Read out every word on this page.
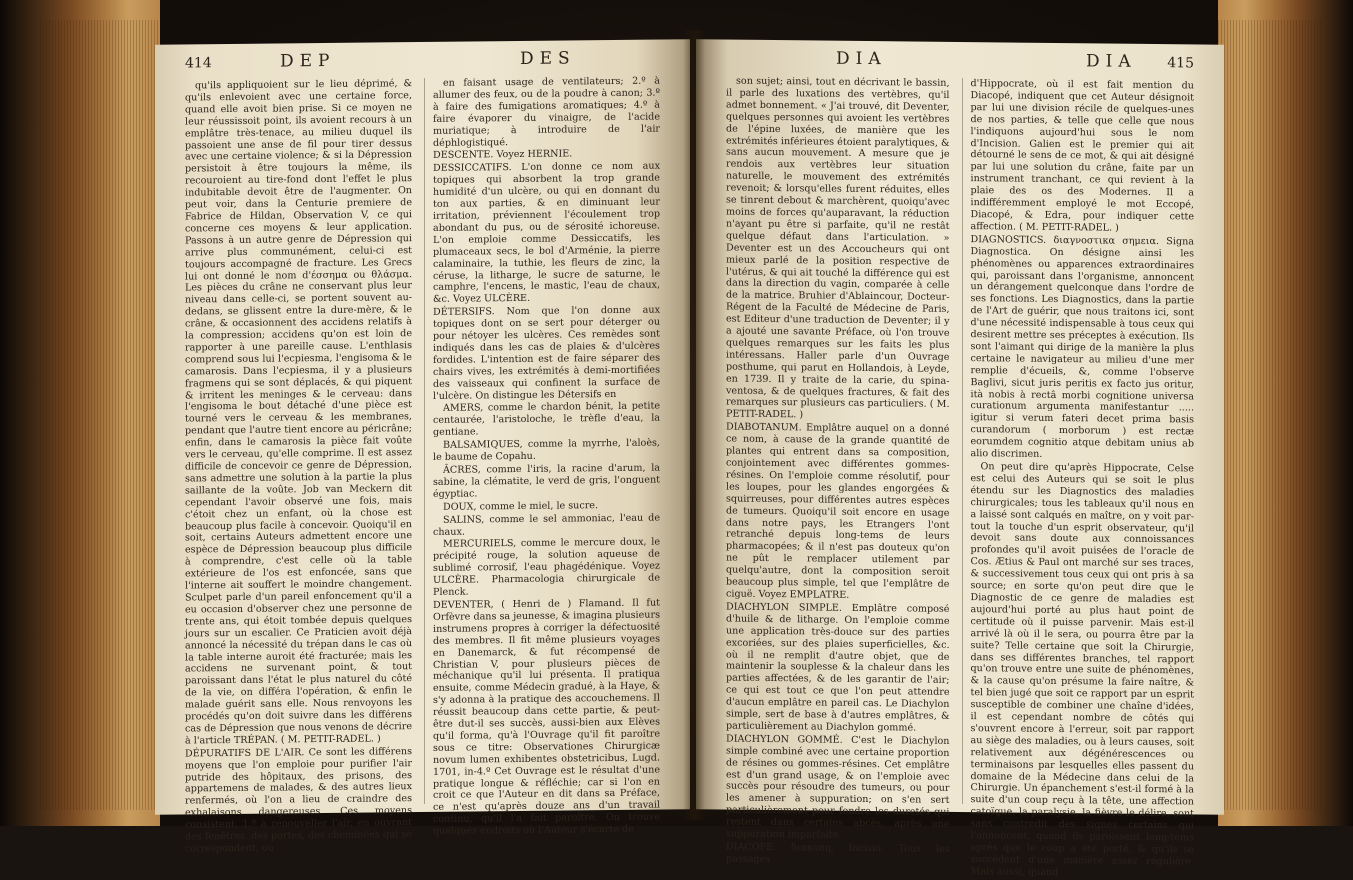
414	DEP	DES

qu'ils appliquoient sur le lieu déprimé, & qu'ils enlevoient avec une certaine force, quand elle avoit bien prise. Si ce moyen ne leur réussissoit point, ils avoient recours à un emplâtre très-tenace, au milieu duquel ils passoient une anse de fil pour tirer dessus avec une certaine violence; & si la Dépression persistoit à être toujours la même, ils recouroient au tire-fond dont l'effet le plus indubitable devoit être de l'augmenter. On peut voir, dans la Centurie premiere de Fabrice de Hildan, Observation V, ce qui concerne ces moyens & leur application. Passons à un autre genre de Dépression qui arrive plus communément, celui-ci est toujours accompagné de fracture. Les Grecs lui ont donné le nom d'έσσημα ou θλάσμα. Les pièces du crâne ne conservant plus leur niveau dans celle-ci, se portent souvent au-dedans, se glissent entre la dure-mère, & le crâne, & occasionnent des accidens relatifs à la compression; accidens qu'on est loin de rapporter à une pareille cause. L'enthlasis comprend sous lui l'ecpiesma, l'engisoma & le camarosis. Dans l'ecpiesma, il y a plusieurs fragmens qui se sont déplacés, & qui piquent & irritent les meninges & le cerveau: dans l'engisoma le bout détaché d'une pièce est tourné vers le cerveau & les membranes, pendant que l'autre tient encore au péricrâne; enfin, dans le camarosis la pièce fait voûte vers le cerveau, qu'elle comprime. Il est assez difficile de concevoir ce genre de Dépression, sans admettre une solution à la partie la plus saillante de la voûte. Job van Meckern dit cependant l'avoir observé une fois, mais c'étoit chez un enfant, où la chose est beaucoup plus facile à concevoir. Quoiqu'il en soit, certains Auteurs admettent encore une espèce de Dépression beaucoup plus difficile à comprendre, c'est celle où la table extérieure de l'os est enfoncée, sans que l'interne ait souffert le moindre changement. Sculpet parle d'un pareil enfoncement qu'il a eu occasion d'observer chez une personne de trente ans, qui étoit tombée depuis quelques jours sur un escalier. Ce Praticien avoit déjà annoncé la nécessité du trépan dans le cas où la table interne auroit été fracturée; mais les accidens ne survenant point, & tout paroissant dans l'état le plus naturel du côté de la vie, on différa l'opération, & enfin le malade guérit sans elle. Nous renvoyons les procédés qu'on doit suivre dans les différens cas de Dépression que nous venons de décrire à l'article TRÉPAN. ( M. PETIT-RADEL. )

DÉPURATIFS DE L'AIR. Ce sont les différens moyens que l'on emploie pour purifier l'air putride des hôpitaux, des prisons, des appartemens de malades, & des autres lieux renfermés, où l'on a lieu de craindre des exhalaisons dangereuses. Ces moyens consistent, 1.º à renouveller l'air, en ouvrant des fenêtres, des portes, des cheminées qui se correspondent, ou

en faisant usage de ventilateurs; 2.º à allumer des feux, ou de la poudre à canon; 3.º à faire des fumigations aromatiques; 4.º à faire évaporer du vinaigre, de l'acide muriatique; à introduire de l'air déphlogistiqué.

DESCENTE. Voyez HERNIE.

DESSICCATIFS. L'on donne ce nom aux topiques qui absorbent la trop grande humidité d'un ulcère, ou qui en donnant du ton aux parties, & en diminuant leur irritation, préviennent l'écoulement trop abondant du pus, ou de sérosité ichoreuse. L'on emploie comme Dessiccatifs, les plumaceaux secs, le bol d'Arménie, la pierre calaminaire, la tuthie, les fleurs de zinc, la céruse, la litharge, le sucre de saturne, le camphre, l'encens, le mastic, l'eau de chaux, &c. Voyez ULCÈRE.

DÉTERSIFS. Nom que l'on donne aux topiques dont on se sert pour déterger ou pour nétoyer les ulcères. Ces remèdes sont indiqués dans les cas de plaies & d'ulcères fordides. L'intention est de faire séparer des chairs vives, les extrémités à demi-mortifiées des vaisseaux qui confinent la surface de l'ulcère. On distingue les Détersifs en

AMERS, comme le chardon bénit, la petite centaurée, l'aristoloche, le trèfle d'eau, la gentiane.

BALSAMIQUES, comme la myrrhe, l'aloès, le baume de Copahu.

ÂCRES, comme l'iris, la racine d'arum, la sabine, la clématite, le verd de gris, l'onguent égyptiac.

DOUX, comme le miel, le sucre.

SALINS, comme le sel ammoniac, l'eau de chaux.

MERCURIELS, comme le mercure doux, le précipité rouge, la solution aqueuse de sublimé corrosif, l'eau phagédénique. Voyez ULCÈRE. Pharmacologia chirurgicale de Plenck.

DEVENTER, ( Henri de ) Flamand. Il fut Orfèvre dans sa jeunesse, & imagina plusieurs instrumens propres à corriger la défectuosité des membres. Il fit même plusieurs voyages en Danemarck, & fut récompensé de Christian V, pour plusieurs pièces de méchanique qu'il lui présenta. Il pratiqua ensuite, comme Médecin gradué, à la Haye, & s'y adonna à la pratique des accouchemens. Il réussit beaucoup dans cette partie, & peut-être dut-il ses succès, aussi-bien aux Elèves qu'il forma, qu'à l'Ouvrage qu'il fit paroître sous ce titre: Observationes Chirurgicæ novum lumen exhibentes obstetricibus, Lugd. 1701, in-4.º Cet Ouvrage est le résultat d'une pratique longue & réfléchie; car si l'on en croit ce que l'Auteur en dit dans sa Préface, ce n'est qu'après douze ans d'un travail continu, qu'il l'a fait paroître. On trouve quelques endroits où l'Auteur s'écarte de

DIA	DIA 415

son sujet; ainsi, tout en décrivant le bassin, il parle des luxations des vertèbres, qu'il admet bonnement. « J'ai trouvé, dit Deventer, quelques personnes qui avoient les vertèbres de l'épine luxées, de manière que les extrémités inférieures étoient paralytiques, & sans aucun mouvement. A mesure que je rendois aux vertèbres leur situation naturelle, le mouvement des extrémités revenoit; & lorsqu'elles furent réduites, elles se tinrent debout & marchèrent, quoiqu'avec moins de forces qu'auparavant, la réduction n'ayant pu être si parfaite, qu'il ne restât quelque défaut dans l'articulation. » Deventer est un des Accoucheurs qui ont mieux parlé de la position respective de l'utérus, & qui ait touché la différence qui est dans la direction du vagin, comparée à celle de la matrice. Bruhier d'Ablaincour, Docteur-Régent de la Faculté de Médecine de Paris, est Editeur d'une traduction de Deventer; il y a ajouté une savante Préface, où l'on trouve quelques remarques sur les faits les plus intéressans. Haller parle d'un Ouvrage posthume, qui parut en Hollandois, à Leyde, en 1739. Il y traite de la carie, du spina-ventosa, & de quelques fractures, & fait des remarques sur plusieurs cas particuliers. ( M. PETIT-RADEL. )

DIABOTANUM. Emplâtre auquel on a donné ce nom, à cause de la grande quantité de plantes qui entrent dans sa composition, conjointement avec différentes gommes-résines. On l'emploie comme résolutif, pour les loupes, pour les glandes engorgées & squirreuses, pour différentes autres espèces de tumeurs. Quoiqu'il soit encore en usage dans notre pays, les Etrangers l'ont retranché depuis long-tems de leurs pharmacopées; & il n'est pas douteux qu'on ne pût le remplacer utilement par quelqu'autre, dont la composition seroit beaucoup plus simple, tel que l'emplâtre de ciguë. Voyez EMPLATRE.

DIACHYLON SIMPLE. Emplâtre composé d'huile & de litharge. On l'emploie comme une application très-douce sur des parties excoriées, sur des plaies superficielles, &c. où il ne remplit d'autre objet, que de maintenir la souplesse & la chaleur dans les parties affectées, & de les garantir de l'air; ce qui est tout ce que l'on peut attendre d'aucun emplâtre en pareil cas. Le Diachylon simple, sert de base à d'autres emplâtres, & particulièrement au Diachylon gommé.

DIACHYLON GOMMÉ. C'est le Diachylon simple combiné avec une certaine proportion de résines ou gommes-résines. Cet emplâtre est d'un grand usage, & on l'emploie avec succès pour résoudre des tumeurs, ou pour les amener à suppuration; on s'en sert particulièrement pour fondre les duretés qui restent dans certains abcès, après une suppuration imparfaite.

DIACOPE. διακοπη, Incisio. Tous les passages

d'Hippocrate, où il est fait mention du Diacopé, indiquent que cet Auteur désignoit par lui une division récile de quelques-unes de nos parties, & telle que celle que nous l'indiquons aujourd'hui sous le nom d'Incision. Galien est le premier qui ait détourné le sens de ce mot, & qui ait désigné par lui une solution du crâne, faite par un instrument tranchant, ce qui revient à la plaie des os des Modernes. Il a indifféremment employé le mot Eccopé, Diacopé, & Edra, pour indiquer cette affection. ( M. PETIT-RADEL. )

DIAGNOSTICS. διαγνοστικα σημεια. Signa Diagnostica. On désigne ainsi les phénomènes ou apparences extraordinaires qui, paroissant dans l'organisme, annoncent un dérangement quelconque dans l'ordre de ses fonctions. Les Diagnostics, dans la partie de l'Art de guérir, que nous traitons ici, sont d'une nécessité indispensable à tous ceux qui desirent mettre ses préceptes à exécution. Ils sont l'aimant qui dirige de la manière la plus certaine le navigateur au milieu d'une mer remplie d'écueils, &, comme l'observe Baglivi, sicut juris peritis ex facto jus oritur, ità nobis à rectâ morbi cognitione universa curationum argumenta manifestantur ..... igitur si verum fateri decet prima basis curandorum ( morborum ) est rectæ eorumdem cognitio atque debitam unius ab alio discrimen.

On peut dire qu'après Hippocrate, Celse est celui des Auteurs qui se soit le plus étendu sur les Diagnostics des maladies chirurgicales; tous les tableaux qu'il nous en a laissé sont calqués en maître, on y voit par-tout la touche d'un esprit observateur, qu'il devoit sans doute aux connoissances profondes qu'il avoit puisées de l'oracle de Cos. Ætius & Paul ont marché sur ses traces, & successivement tous ceux qui ont pris à sa source; en sorte qu'on peut dire que le Diagnostic de ce genre de maladies est aujourd'hui porté au plus haut point de certitude où il puisse parvenir. Mais est-il arrivé là où il le sera, ou pourra être par la suite? Telle certaine que soit la Chirurgie, dans ses différentes branches, tel rapport qu'on trouve entre une suite de phénomènes, & la cause qu'on présume la faire naître, & tel bien jugé que soit ce rapport par un esprit susceptible de combiner une chaîne d'idées, il est cependant nombre de côtés qui s'ouvrent encore à l'erreur, soit par rapport au siège des maladies, ou à leurs causes, soit relativement aux dégénérescences ou terminaisons par lesquelles elles passent du domaine de la Médecine dans celui de la Chirurgie. Un épanchement s'est-il formé à la suite d'un coup reçu à la tête, une affection catoïque, la paralysie, la fièvre le délire, sont sans contredit des signes certains qui l'annoncent, quand ils paroissent long-tems après que le coup a été porté, & qu'ils se succèdent d'une manière assez régulière. Mais aussi, quand
